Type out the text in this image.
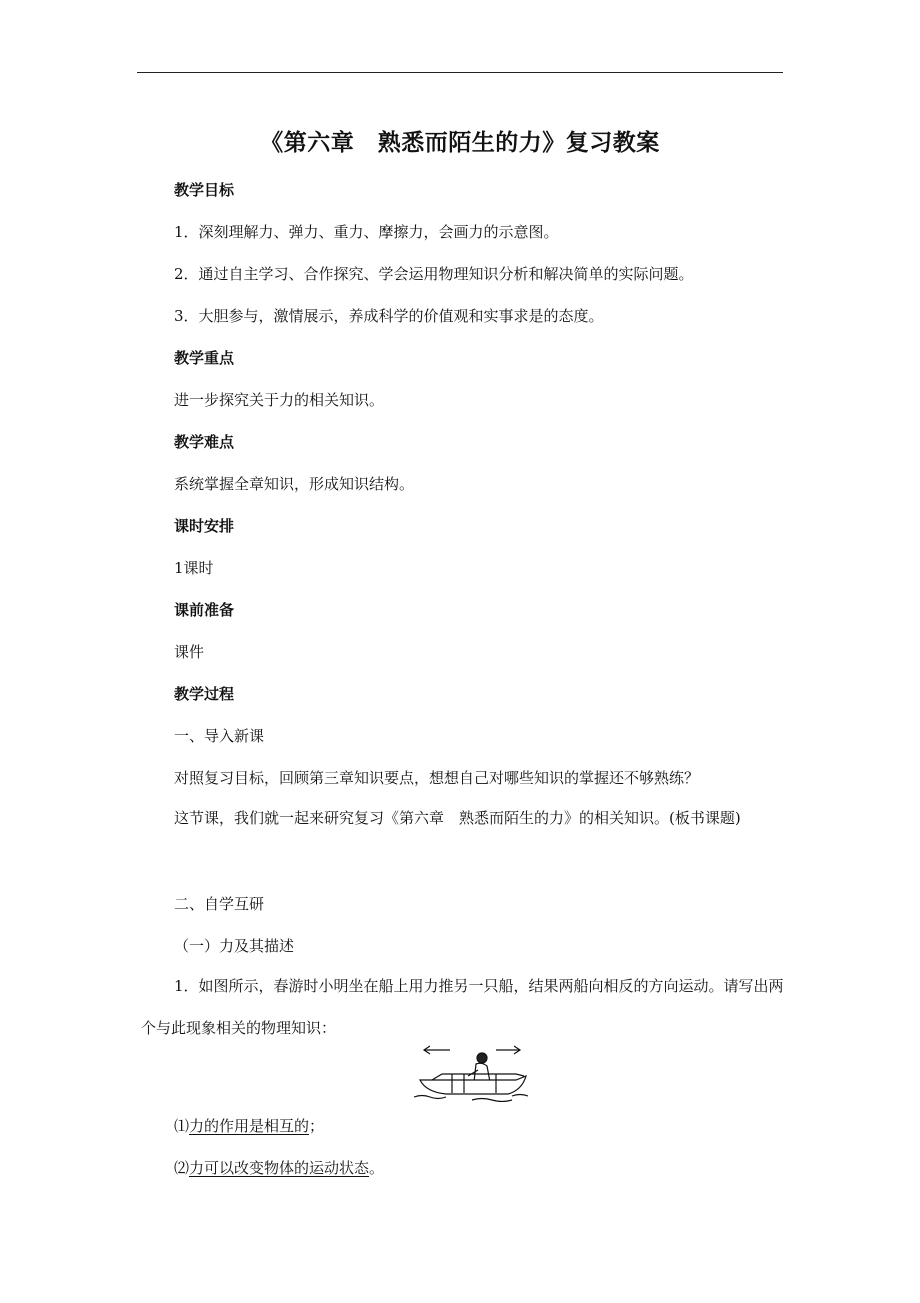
《第六章　熟悉而陌生的力》复习教案
教学目标
1．深刻理解力、弹力、重力、摩擦力，会画力的示意图。
2．通过自主学习、合作探究、学会运用物理知识分析和解决简单的实际问题。
3．大胆参与，激情展示，养成科学的价值观和实事求是的态度。
教学重点
进一步探究关于力的相关知识。
教学难点
系统掌握全章知识，形成知识结构。
课时安排
1课时
课前准备
课件
教学过程
一、导入新课
对照复习目标，回顾第三章知识要点，想想自己对哪些知识的掌握还不够熟练？
这节课，我们就一起来研究复习《第六章　熟悉而陌生的力》的相关知识。(板书课题)
二、自学互研
（一）力及其描述
1．如图所示，春游时小明坐在船上用力推另一只船，结果两船向相反的方向运动。请写出两个与此现象相关的物理知识：
⑴力的作用是相互的；
⑵力可以改变物体的运动状态。
